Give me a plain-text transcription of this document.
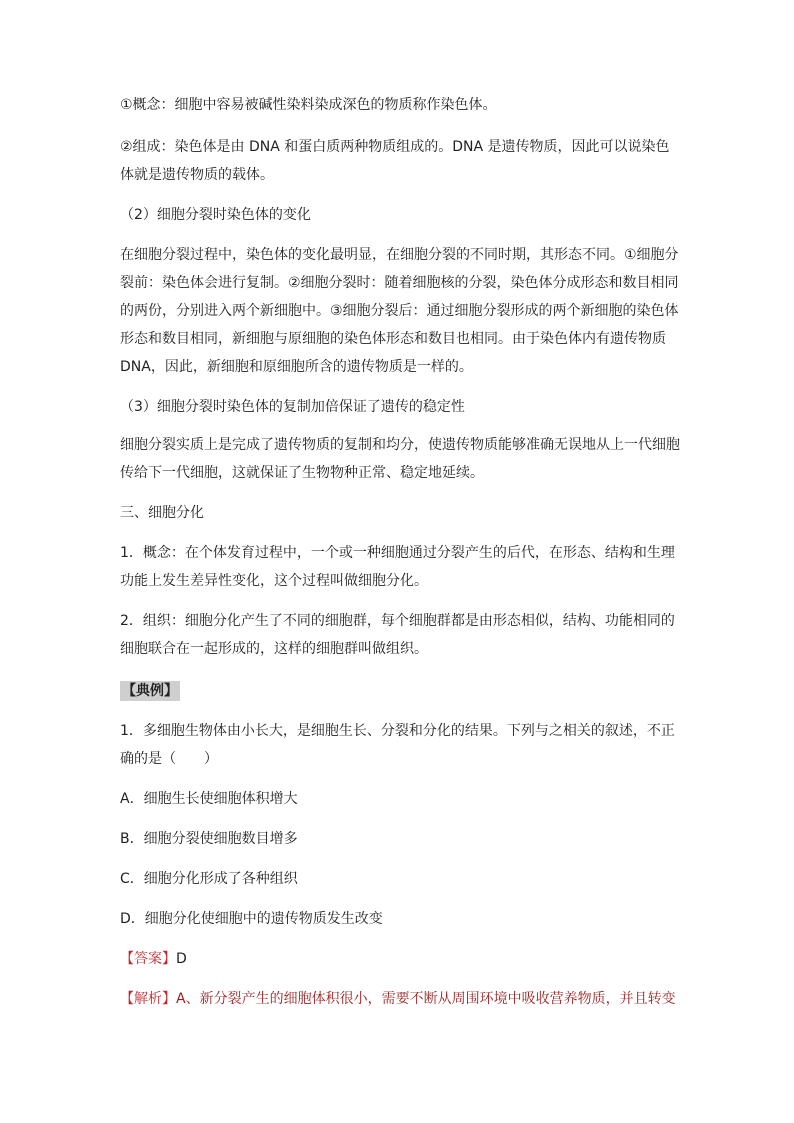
①概念：细胞中容易被碱性染料染成深色的物质称作染色体。

②组成：染色体是由 DNA 和蛋白质两种物质组成的。DNA 是遗传物质，因此可以说染色
体就是遗传物质的载体。

（2）细胞分裂时染色体的变化

在细胞分裂过程中，染色体的变化最明显，在细胞分裂的不同时期，其形态不同。①细胞分
裂前：染色体会进行复制。②细胞分裂时：随着细胞核的分裂，染色体分成形态和数目相同
的两份，分别进入两个新细胞中。③细胞分裂后：通过细胞分裂形成的两个新细胞的染色体
形态和数目相同，新细胞与原细胞的染色体形态和数目也相同。由于染色体内有遗传物质
DNA，因此，新细胞和原细胞所含的遗传物质是一样的。

（3）细胞分裂时染色体的复制加倍保证了遗传的稳定性

细胞分裂实质上是完成了遗传物质的复制和均分，使遗传物质能够准确无误地从上一代细胞
传给下一代细胞，这就保证了生物物种正常、稳定地延续。

三、细胞分化

1．概念：在个体发育过程中，一个或一种细胞通过分裂产生的后代，在形态、结构和生理
功能上发生差异性变化，这个过程叫做细胞分化。

2．组织：细胞分化产生了不同的细胞群，每个细胞群都是由形态相似，结构、功能相同的
细胞联合在一起形成的，这样的细胞群叫做组织。

【典例】

1．多细胞生物体由小长大，是细胞生长、分裂和分化的结果。下列与之相关的叙述，不正
确的是（　　）

A．细胞生长使细胞体积增大

B．细胞分裂使细胞数目增多

C．细胞分化形成了各种组织

D．细胞分化使细胞中的遗传物质发生改变

【答案】D

【解析】A、新分裂产生的细胞体积很小，需要不断从周围环境中吸收营养物质，并且转变
